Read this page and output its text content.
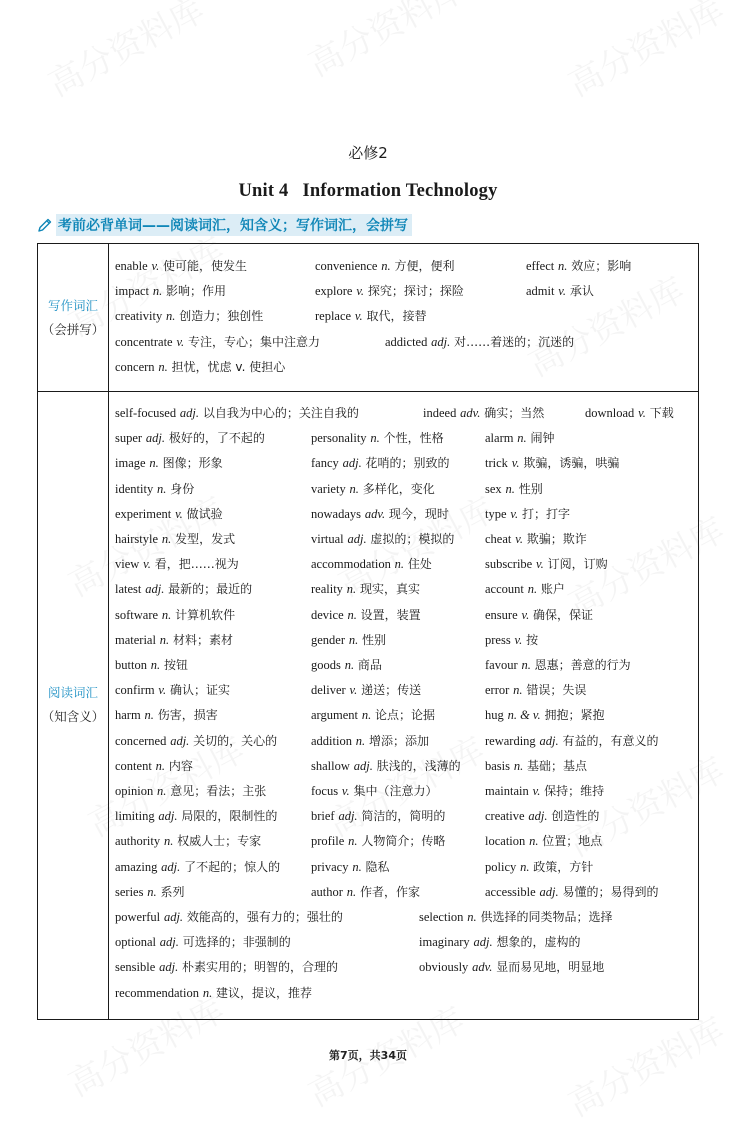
必修2
Unit 4 Information Technology
考前必背单词——阅读词汇，知含义；写作词汇，会拼写
写作词汇
（会拼写）
enable v. 使可能，使发生	convenience n. 方便，便利	effect n. 效应；影响
impact n. 影响；作用	explore v. 探究；探讨；探险	admit v. 承认
creativity n. 创造力；独创性	replace v. 取代，接替
concentrate v. 专注，专心；集中注意力	addicted adj. 对……着迷的；沉迷的
concern n. 担忧，忧虑 v. 使担心
阅读词汇
（知含义）
self-focused adj. 以自我为中心的；关注自我的	indeed adv. 确实；当然	download v. 下载
super adj. 极好的，了不起的	personality n. 个性，性格	alarm n. 闹钟
image n. 图像；形象	fancy adj. 花哨的；别致的	trick v. 欺骗，诱骗，哄骗
identity n. 身份	variety n. 多样化，变化	sex n. 性别
experiment v. 做试验	nowadays adv. 现今，现时	type v. 打；打字
hairstyle n. 发型，发式	virtual adj. 虚拟的；模拟的 cheat v. 欺骗；欺诈
view v. 看，把……视为	accommodation n. 住处	subscribe v. 订阅，订购
latest adj. 最新的；最近的	reality n. 现实，真实	account n. 账户
software n. 计算机软件	device n. 设置，装置	ensure v. 确保，保证
material n. 材料；素材	gender n. 性别	press v. 按
button n. 按钮	goods n. 商品	favour n. 恩惠；善意的行为
confirm v. 确认；证实	deliver v. 递送；传送	error n. 错误；失误
harm n. 伤害，损害	argument n. 论点；论据	hug n. & v. 拥抱；紧抱
concerned adj. 关切的，关心的	addition n. 增添；添加	rewarding adj. 有益的，有意义的
content n. 内容	shallow adj. 肤浅的，浅薄的 basis n. 基础；基点
opinion n. 意见；看法；主张	focus v. 集中（注意力）	maintain v. 保持；维持
limiting adj. 局限的，限制性的	brief adj. 简洁的，简明的	creative adj. 创造性的
authority n. 权威人士；专家	profile n. 人物简介；传略	location n. 位置；地点
amazing adj. 了不起的；惊人的 privacy n. 隐私	policy n. 政策，方针
series n. 系列	author n. 作者，作家	accessible adj. 易懂的；易得到的
powerful adj. 效能高的，强有力的；强壮的	selection n. 供选择的同类物品；选择
optional adj. 可选择的；非强制的	imaginary adj. 想象的，虚构的
sensible adj. 朴素实用的；明智的，合理的	obviously adv. 显而易见地，明显地
recommendation n. 建议，提议，推荐
第7页，共34页
